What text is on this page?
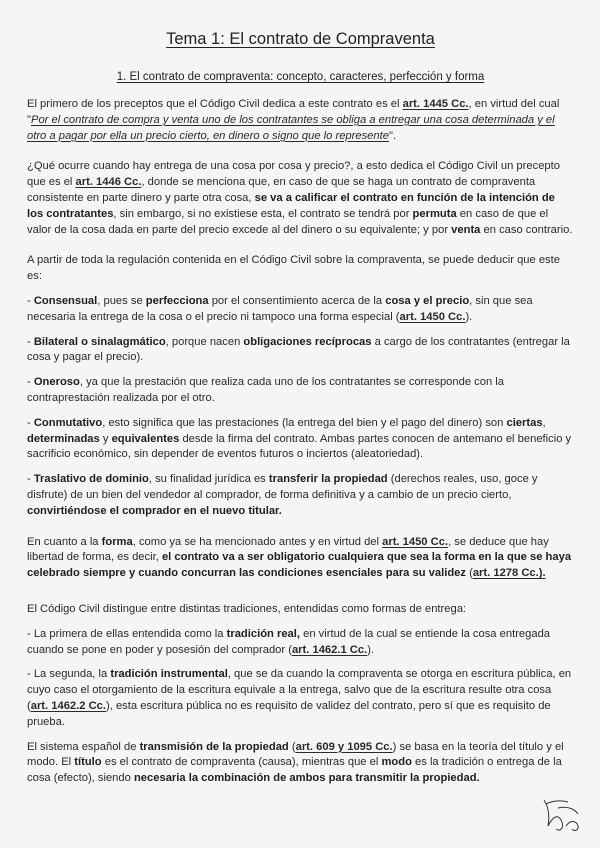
Tema 1: El contrato de Compraventa
1. El contrato de compraventa: concepto, caracteres, perfección y forma

El primero de los preceptos que el Código Civil dedica a este contrato es el art. 1445 Cc., en virtud del cual "Por el contrato de compra y venta uno de los contratantes se obliga a entregar una cosa determinada y el otro a pagar por ella un precio cierto, en dinero o signo que lo represente".

¿Qué ocurre cuando hay entrega de una cosa por cosa y precio?, a esto dedica el Código Civil un precepto que es el art. 1446 Cc., donde se menciona que, en caso de que se haga un contrato de compraventa consistente en parte dinero y parte otra cosa, se va a calificar el contrato en función de la intención de los contratantes, sin embargo, si no existiese esta, el contrato se tendrá por permuta en caso de que el valor de la cosa dada en parte del precio excede al del dinero o su equivalente; y por venta en caso contrario.

A partir de toda la regulación contenida en el Código Civil sobre la compraventa, se puede deducir que este es:

- Consensual, pues se perfecciona por el consentimiento acerca de la cosa y el precio, sin que sea necesaria la entrega de la cosa o el precio ni tampoco una forma especial (art. 1450 Cc.).

- Bilateral o sinalagmático, porque nacen obligaciones recíprocas a cargo de los contratantes (entregar la cosa y pagar el precio).

- Oneroso, ya que la prestación que realiza cada uno de los contratantes se corresponde con la contraprestación realizada por el otro.

- Conmutativo, esto significa que las prestaciones (la entrega del bien y el pago del dinero) son ciertas, determinadas y equivalentes desde la firma del contrato. Ambas partes conocen de antemano el beneficio y sacrificio económico, sin depender de eventos futuros o inciertos (aleatoriedad).

- Traslativo de dominio, su finalidad jurídica es transferir la propiedad (derechos reales, uso, goce y disfrute) de un bien del vendedor al comprador, de forma definitiva y a cambio de un precio cierto, convirtiéndose el comprador en el nuevo titular.

En cuanto a la forma, como ya se ha mencionado antes y en virtud del art. 1450 Cc., se deduce que hay libertad de forma, es decir, el contrato va a ser obligatorio cualquiera que sea la forma en la que se haya celebrado siempre y cuando concurran las condiciones esenciales para su validez (art. 1278 Cc.).

El Código Civil distingue entre distintas tradiciones, entendidas como formas de entrega:

- La primera de ellas entendida como la tradición real, en virtud de la cual se entiende la cosa entregada cuando se pone en poder y posesión del comprador (art. 1462.1 Cc.).

- La segunda, la tradición instrumental, que se da cuando la compraventa se otorga en escritura pública, en cuyo caso el otorgamiento de la escritura equivale a la entrega, salvo que de la escritura resulte otra cosa (art. 1462.2 Cc.), esta escritura pública no es requisito de validez del contrato, pero sí que es requisito de prueba.

El sistema español de transmisión de la propiedad (art. 609 y 1095 Cc.) se basa en la teoría del título y el modo. El título es el contrato de compraventa (causa), mientras que el modo es la tradición o entrega de la cosa (efecto), siendo necesaria la combinación de ambos para transmitir la propiedad.
